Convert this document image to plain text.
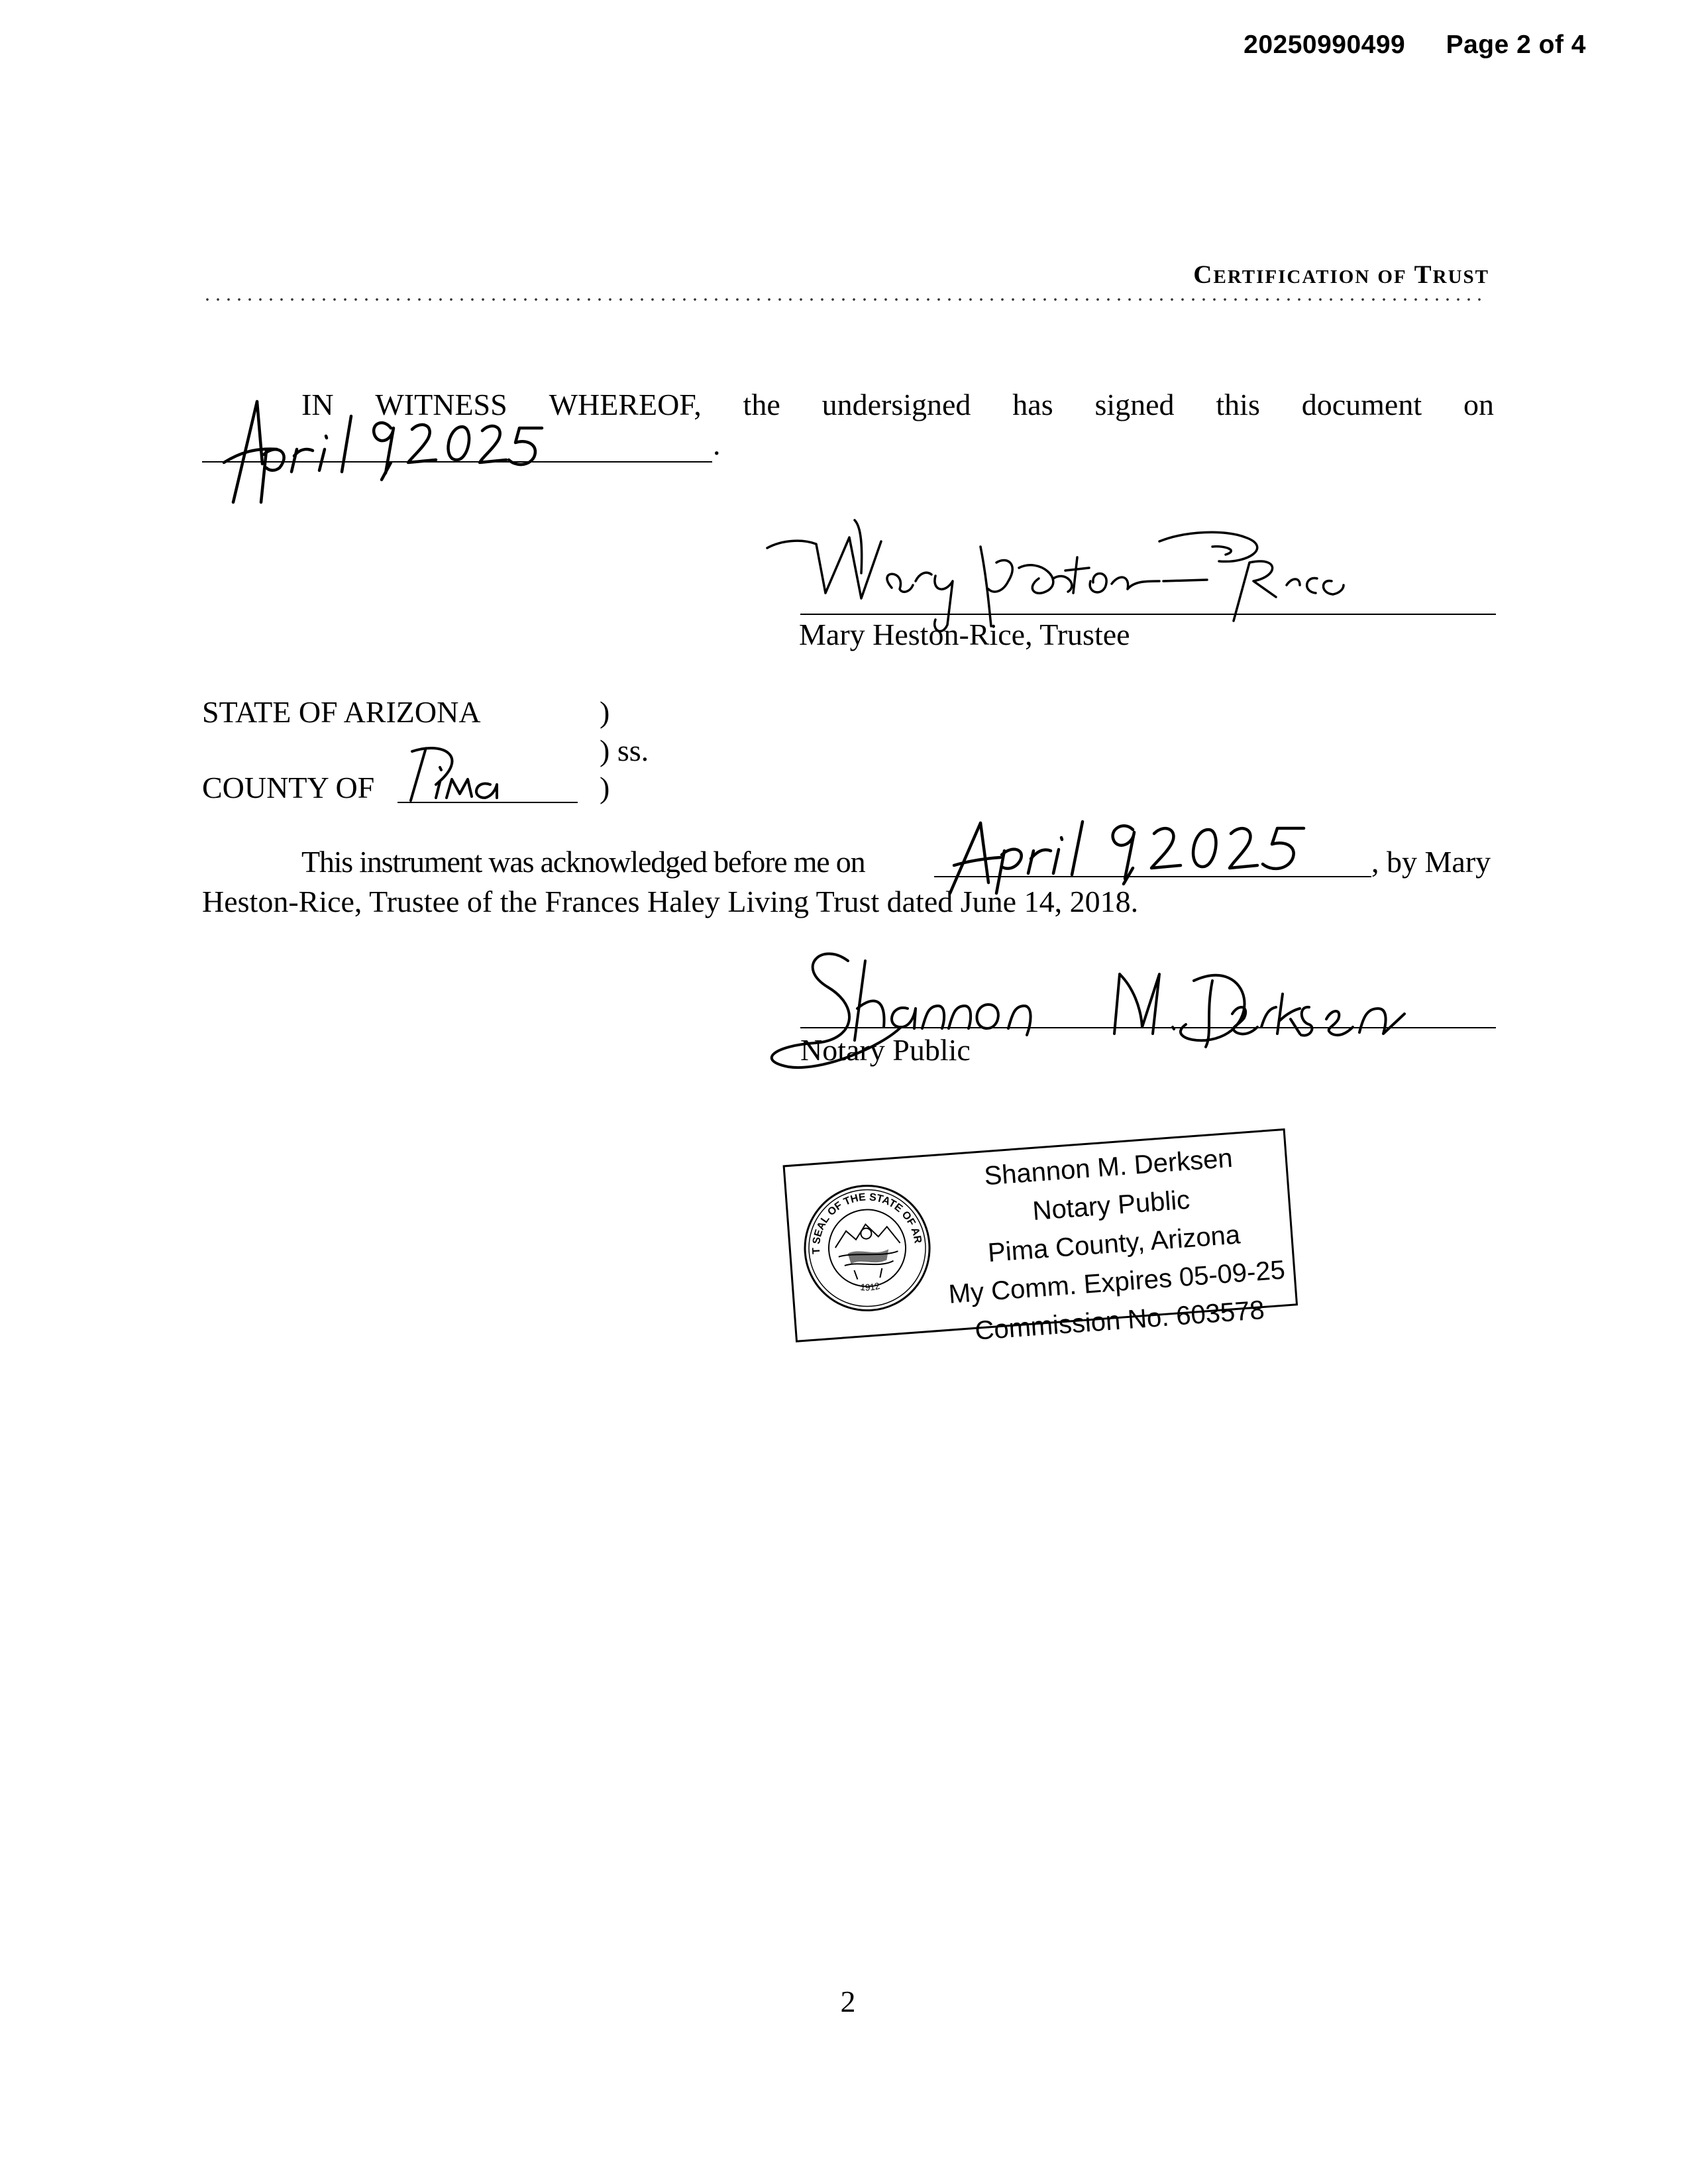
20250990499 Page 2 of 4
CERTIFICATION OF TRUST
IN WITNESS WHEREOF, the undersigned has signed this document on
.
Mary Heston-Rice, Trustee
STATE OF ARIZONA	)
) ss.
COUNTY OF	)
This instrument was acknowledged before me on	, by Mary
Heston-Rice, Trustee of the Frances Haley Living Trust dated June 14, 2018.
Notary Public
GREAT SEAL OF THE STATE OF ARIZONA
1912
Shannon M. Derksen
Notary Public
Pima County, Arizona
My Comm. Expires 05-09-25
Commission No. 603578
2
